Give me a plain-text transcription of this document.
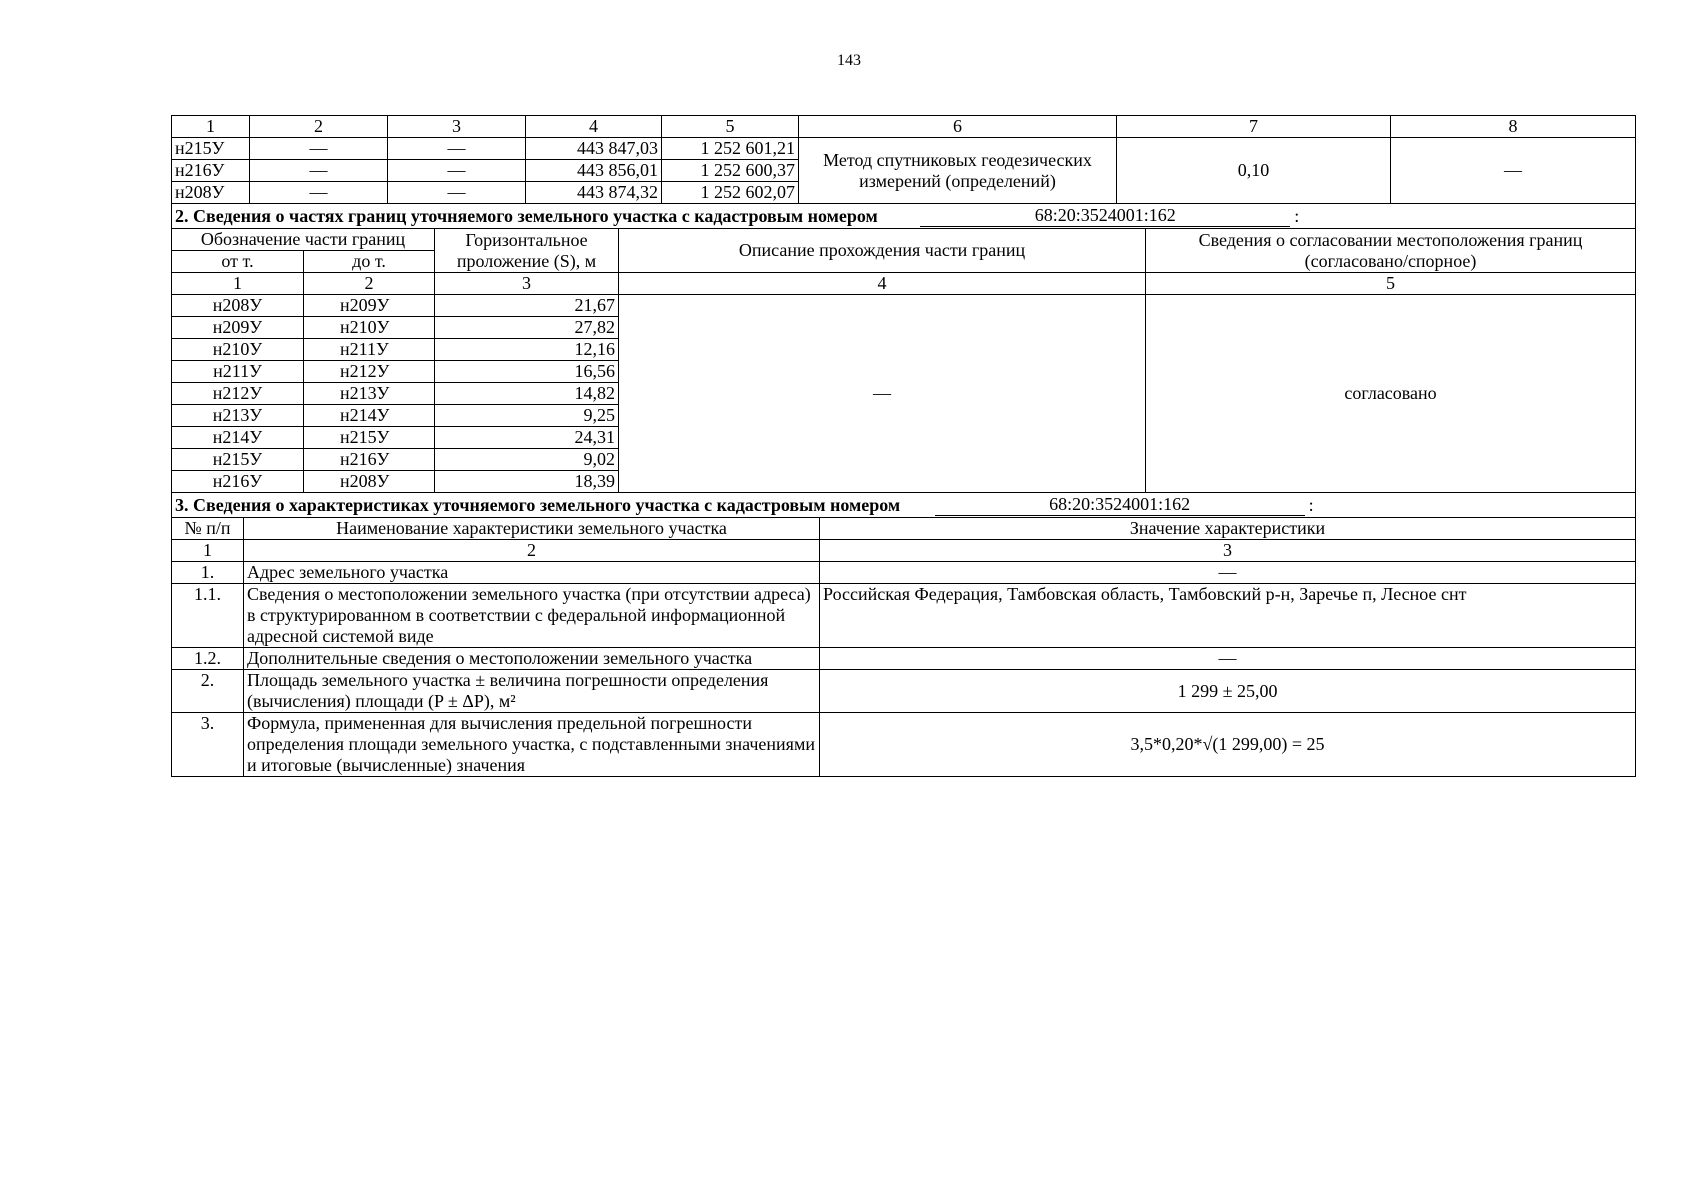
143
1	2	3	4	5	6	7	8
н215У	—	—	443 847,03	1 252 601,21	Метод спутниковых геодезических измерений (определений)	0,10	—
н216У	—	—	443 856,01	1 252 600,37			
н208У	—	—	443 874,32	1 252 602,07			
2. Сведения о частях границ уточняемого земельного участка с кадастровым номером 68:20:3524001:162 :				
Обозначение части границ		Горизонтальное проложение (S), м	Описание прохождения части границ	Сведения о согласовании местоположения границ (согласовано/спорное)
от т.	до т.			
1	2	3	4	5
н208У	н209У	21,67	—	согласовано
н209У	н210У	27,82		
н210У	н211У	12,16		
н211У	н212У	16,56		
н212У	н213У	14,82		
н213У	н214У	9,25		
н214У	н215У	24,31		
н215У	н216У	9,02		
н216У	н208У	18,39		
3. Сведения о характеристиках уточняемого земельного участка с кадастровым номером 68:20:3524001:162 :		
№ п/п	Наименование характеристики земельного участка	Значение характеристики
1	2	3
1.	Адрес земельного участка	—
1.1.	Сведения о местоположении земельного участка (при отсутствии адреса) в структурированном в соответствии с федеральной информационной адресной системой виде	Российская Федерация, Тамбовская область, Тамбовский р-н, Заречье п, Лесное снт
1.2.	Дополнительные сведения о местоположении земельного участка	—
2.	Площадь земельного участка ± величина погрешности определения (вычисления) площади (P ± ΔP), м²	1 299 ± 25,00
3.	Формула, примененная для вычисления предельной погрешности определения площади земельного участка, с подставленными значениями и итоговые (вычисленные) значения	3,5*0,20*√(1 299,00) = 25
